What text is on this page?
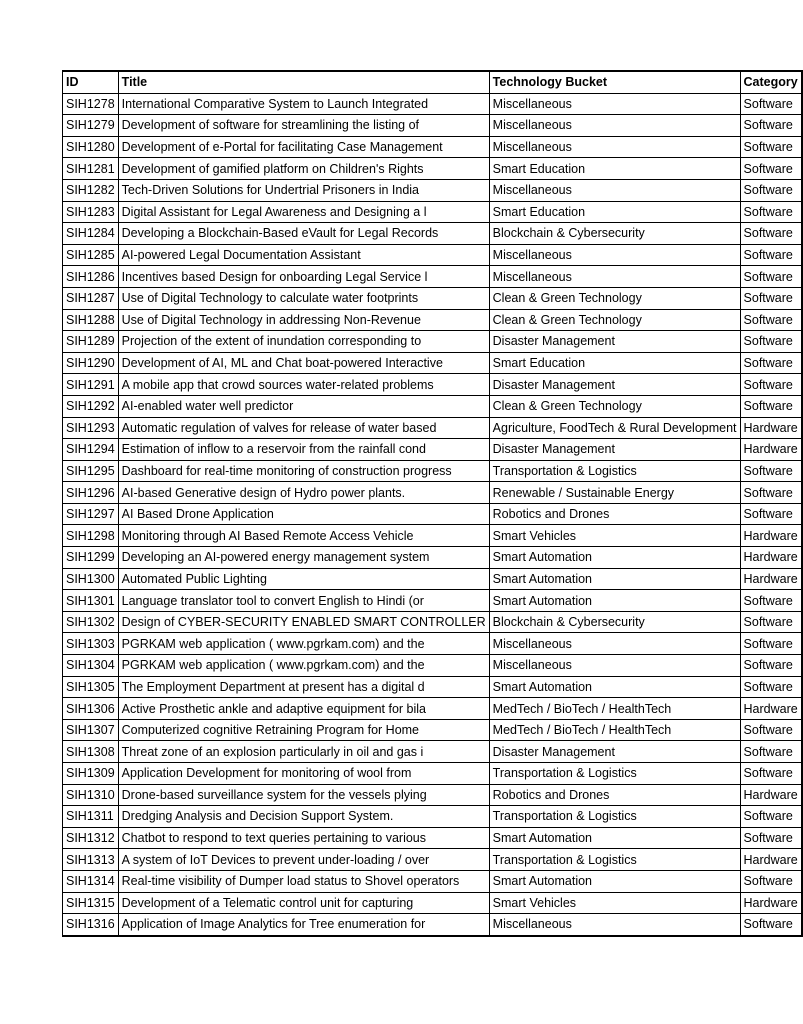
ID	Title	Technology Bucket	Category
SIH1278	International Comparative System to Launch Integrated	Miscellaneous	Software
SIH1279	Development of software for streamlining the listing of	Miscellaneous	Software
SIH1280	Development of e-Portal for facilitating Case Management	Miscellaneous	Software
SIH1281	Development of gamified platform on Children's Rights	Smart Education	Software
SIH1282	Tech-Driven Solutions for Undertrial Prisoners in India	Miscellaneous	Software
SIH1283	Digital Assistant for Legal Awareness and Designing a l	Smart Education	Software
SIH1284	Developing a Blockchain-Based eVault for Legal Records	Blockchain & Cybersecurity	Software
SIH1285	AI-powered Legal Documentation Assistant	Miscellaneous	Software
SIH1286	Incentives based Design for onboarding Legal Service l	Miscellaneous	Software
SIH1287	Use of Digital Technology to calculate water footprints	Clean & Green Technology	Software
SIH1288	Use of Digital Technology in addressing Non-Revenue	Clean & Green Technology	Software
SIH1289	Projection of the extent of inundation corresponding to	Disaster Management	Software
SIH1290	Development of AI, ML and Chat boat-powered Interactive	Smart Education	Software
SIH1291	A mobile app that crowd sources water-related problems	Disaster Management	Software
SIH1292	AI-enabled water well predictor	Clean & Green Technology	Software
SIH1293	Automatic regulation of valves for release of water based	Agriculture, FoodTech & Rural Development	Hardware
SIH1294	Estimation of inflow to a reservoir from the rainfall cond	Disaster Management	Hardware
SIH1295	Dashboard for real-time monitoring of construction progress	Transportation & Logistics	Software
SIH1296	AI-based Generative design of Hydro power plants.	Renewable / Sustainable Energy	Software
SIH1297	AI Based Drone Application	Robotics and Drones	Software
SIH1298	Monitoring through AI Based Remote Access Vehicle	Smart Vehicles	Hardware
SIH1299	Developing an AI-powered energy management system	Smart Automation	Hardware
SIH1300	Automated Public Lighting	Smart Automation	Hardware
SIH1301	Language translator tool to convert English to Hindi (or	Smart Automation	Software
SIH1302	Design of CYBER-SECURITY ENABLED SMART CONTROLLER	Blockchain & Cybersecurity	Software
SIH1303	PGRKAM web application ( www.pgrkam.com) and the	Miscellaneous	Software
SIH1304	PGRKAM web application ( www.pgrkam.com) and the	Miscellaneous	Software
SIH1305	The Employment Department at present has a digital d	Smart Automation	Software
SIH1306	Active Prosthetic ankle and adaptive equipment for bila	MedTech / BioTech / HealthTech	Hardware
SIH1307	Computerized cognitive Retraining Program for Home	MedTech / BioTech / HealthTech	Software
SIH1308	Threat zone of an explosion particularly in oil and gas i	Disaster Management	Software
SIH1309	Application Development for monitoring of wool from	Transportation & Logistics	Software
SIH1310	Drone-based surveillance system for the vessels plying	Robotics and Drones	Hardware
SIH1311	Dredging Analysis and Decision Support System.	Transportation & Logistics	Software
SIH1312	Chatbot to respond to text queries pertaining to various	Smart Automation	Software
SIH1313	A system of IoT Devices to prevent under-loading / over	Transportation & Logistics	Hardware
SIH1314	Real-time visibility of Dumper load status to Shovel operators	Smart Automation	Software
SIH1315	Development of a Telematic control unit for capturing	Smart Vehicles	Hardware
SIH1316	Application of Image Analytics for Tree enumeration for	Miscellaneous	Software
